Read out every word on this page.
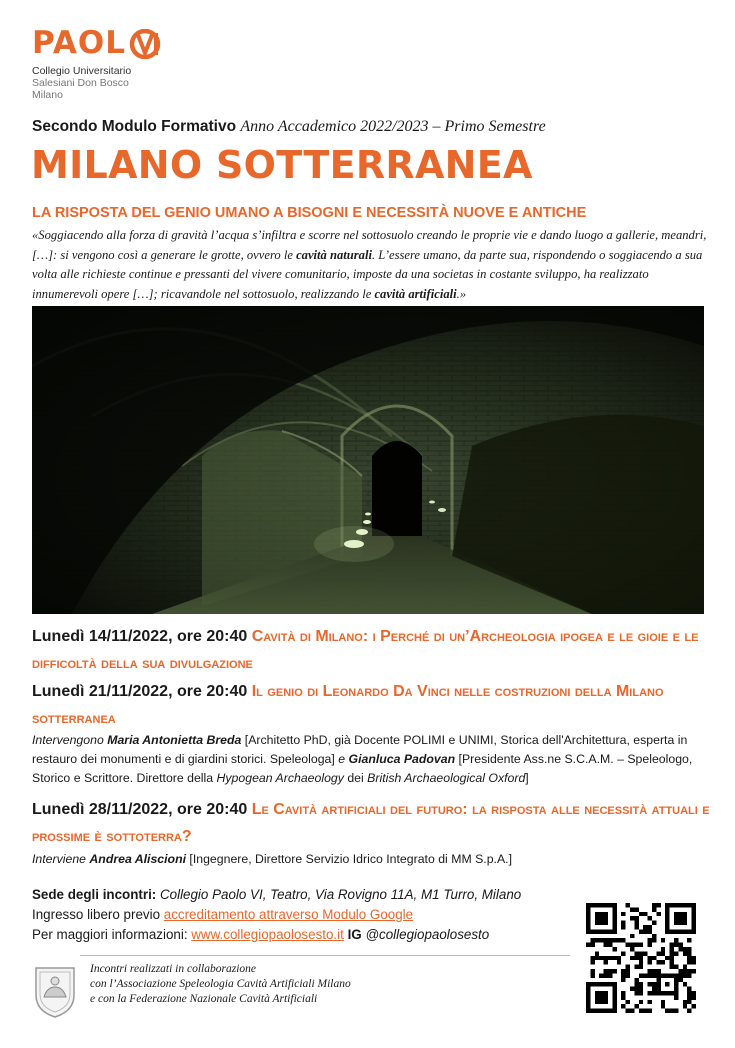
PAOL
Collegio Universitario
Salesiani Don Bosco
Milano
Secondo Modulo Formativo Anno Accademico 2022/2023 – Primo Semestre
MILANO SOTTERRANEA
LA RISPOSTA DEL GENIO UMANO A BISOGNI E NECESSITÀ NUOVE E ANTICHE
«Soggiacendo alla forza di gravità l’acqua s’infiltra e scorre nel sottosuolo creando le proprie vie e dando luogo a gallerie, meandri, […]: si vengono così a generare le grotte, ovvero le cavità naturali. L’essere umano, da parte sua, rispondendo o soggiacendo a sua volta alle richieste continue e pressanti del vivere comunitario, imposte da una societas in costante sviluppo, ha realizzato innumerevoli opere […]; ricavandole nel sottosuolo, realizzando le cavità artificiali.»
Lunedì 14/11/2022, ore 20:40 Cavità di Milano: i Perché di un’Archeologia ipogea e le gioie e le difficoltà della sua divulgazione
Lunedì 21/11/2022, ore 20:40 Il genio di Leonardo Da Vinci nelle costruzioni della Milano sotterranea
Intervengono Maria Antonietta Breda [Architetto PhD, già Docente POLIMI e UNIMI, Storica dell'Architettura, esperta in restauro dei monumenti e di giardini storici. Speleologa] e Gianluca Padovan [Presidente Ass.ne S.C.A.M. – Speleologo, Storico e Scrittore. Direttore della Hypogean Archaeology dei British Archaeological Oxford]
Lunedì 28/11/2022, ore 20:40 Le Cavità artificiali del futuro: la risposta alle necessità attuali e prossime è sottoterra?
Interviene Andrea Aliscioni [Ingegnere, Direttore Servizio Idrico Integrato di MM S.p.A.]
Sede degli incontri: Collegio Paolo VI, Teatro, Via Rovigno 11A, M1 Turro, Milano
Ingresso libero previo accreditamento attraverso Modulo Google
Per maggiori informazioni: www.collegiopaolosesto.it IG @collegiopaolosesto
Incontri realizzati in collaborazione
con l’Associazione Speleologia Cavità Artificiali Milano
e con la Federazione Nazionale Cavità Artificiali
